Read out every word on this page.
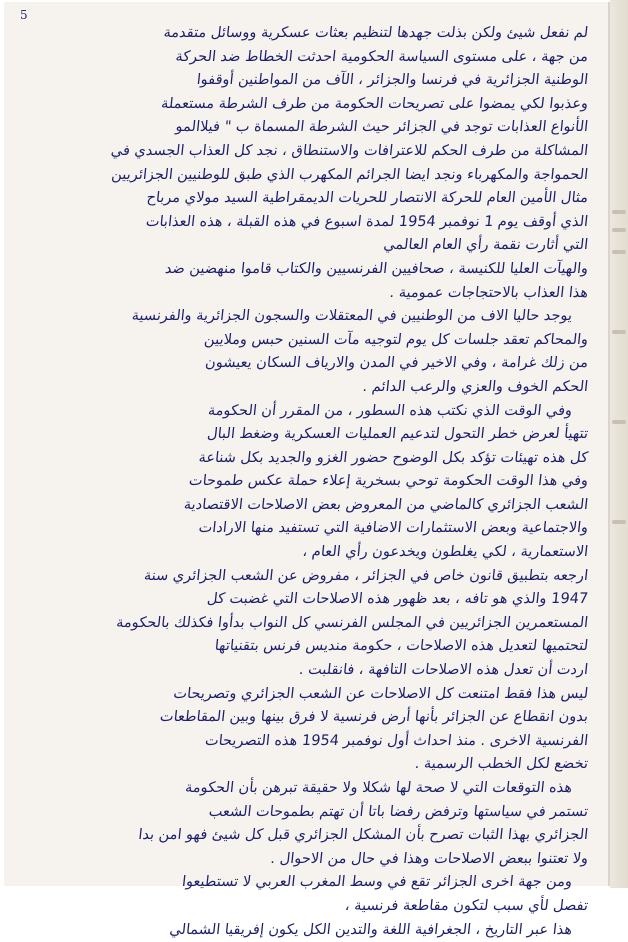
5
لم نفعل شيئ ولكن بذلت جهدها لتنظيم بعثات عسكرية ووسائل متقدمة
من جهة ، على مستوى السياسة الحكومية احدثت الخطاط ضد الحركة
الوطنية الجزائرية في فرنسا والجزائر ، الآف من المواطنين أوقفوا
وعذبوا لكي يمضوا على تصريحات الحكومة من طرف الشرطة مستعملة
الأنواع العذابات توجد في الجزائر حيث الشرطة المسماة ب " فيلاالمو
المشاكلة من طرف الحكم للاعترافات والاستنطاق ، نجد كل العذاب الجسدي في
الحمواجة والمكهرباء ونجد ايضا الجرائم المكهرب الذي طبق للوطنيين الجزائريين
مثال الأمين العام للحركة الانتصار للحريات الديمقراطية السيد مولاي مرباح
الذي أوقف يوم 1 نوفمبر 1954 لمدة اسبوع في هذه القبلة ، هذه العذابات
التي أثارت نقمة رأي العام العالمي
والهيآت العليا للكنيسة ، صحافيين الفرنسيين والكتاب قاموا منهضين ضد
هذا العذاب بالاحتجاجات عمومية .
يوجد حاليا الاف من الوطنيين في المعتقلات والسجون الجزائرية والفرنسية
والمحاكم تعقد جلسات كل يوم لتوجيه مآت السنين حبس وملايين
من زلك غرامة ، وفي الاخير في المدن والارياف السكان يعيشون
الحكم الخوف والعزي والرعب الدائم .
وفي الوقت الذي نكتب هذه السطور ، من المقرر أن الحكومة
تتهيأ لعرض خطر التحول لتدعيم العمليات العسكرية وضغط البال
كل هذه تهيئات تؤكد بكل الوضوح حضور الغزو والجديد بكل شناعة
وفي هذا الوقت الحكومة توحي بسخرية إعلاء حملة عكس طموحات
الشعب الجزائري كالماضي من المعروض بعض الاصلاحات الاقتصادية
والاجتماعية وبعض الاستثمارات الاضافية التي تستفيد منها الارادات
الاستعمارية ، لكي يغلطون ويخدعون رأي العام ،
ارجعه بتطبيق قانون خاص في الجزائر ، مفروض عن الشعب الجزائري سنة
1947 والذي هو تافه ، بعد ظهور هذه الاصلاحات التي غضبت كل
المستعمرين الجزائريين في المجلس الفرنسي كل النواب بدأوا فكذلك بالحكومة
لتحتميها لتعديل هذه الاصلاحات ، حكومة منديس فرنس بتقنياتها
اردت أن تعدل هذه الاصلاحات التافهة ، فانقلبت .
ليس هذا فقط امتنعت كل الاصلاحات عن الشعب الجزائري وتصريحات
بدون انقطاع عن الجزائر بأنها أرض فرنسية لا فرق بينها وبين المقاطعات
الفرنسية الاخرى . منذ احداث أول نوفمبر 1954 هذه التصريحات
تخضع لكل الخطب الرسمية .
هذه التوقعات التي لا صحة لها شكلا ولا حقيقة تبرهن بأن الحكومة
تستمر في سياستها وترفض رفضا باتا أن تهتم بطموحات الشعب
الجزائري بهذا الثبات تصرح بأن المشكل الجزائري قبل كل شيئ فهو امن بدا
ولا تعتنوا ببعض الاصلاحات وهذا في حال من الاحوال .
ومن جهة اخرى الجزائر تقع في وسط المغرب العربي لا تستطيعوا
تفصل لأي سبب لتكون مقاطعة فرنسية ،
هذا عبر التاريخ ، الجغرافية اللغة والتدين الكل يكون إفريقيا الشمالي
